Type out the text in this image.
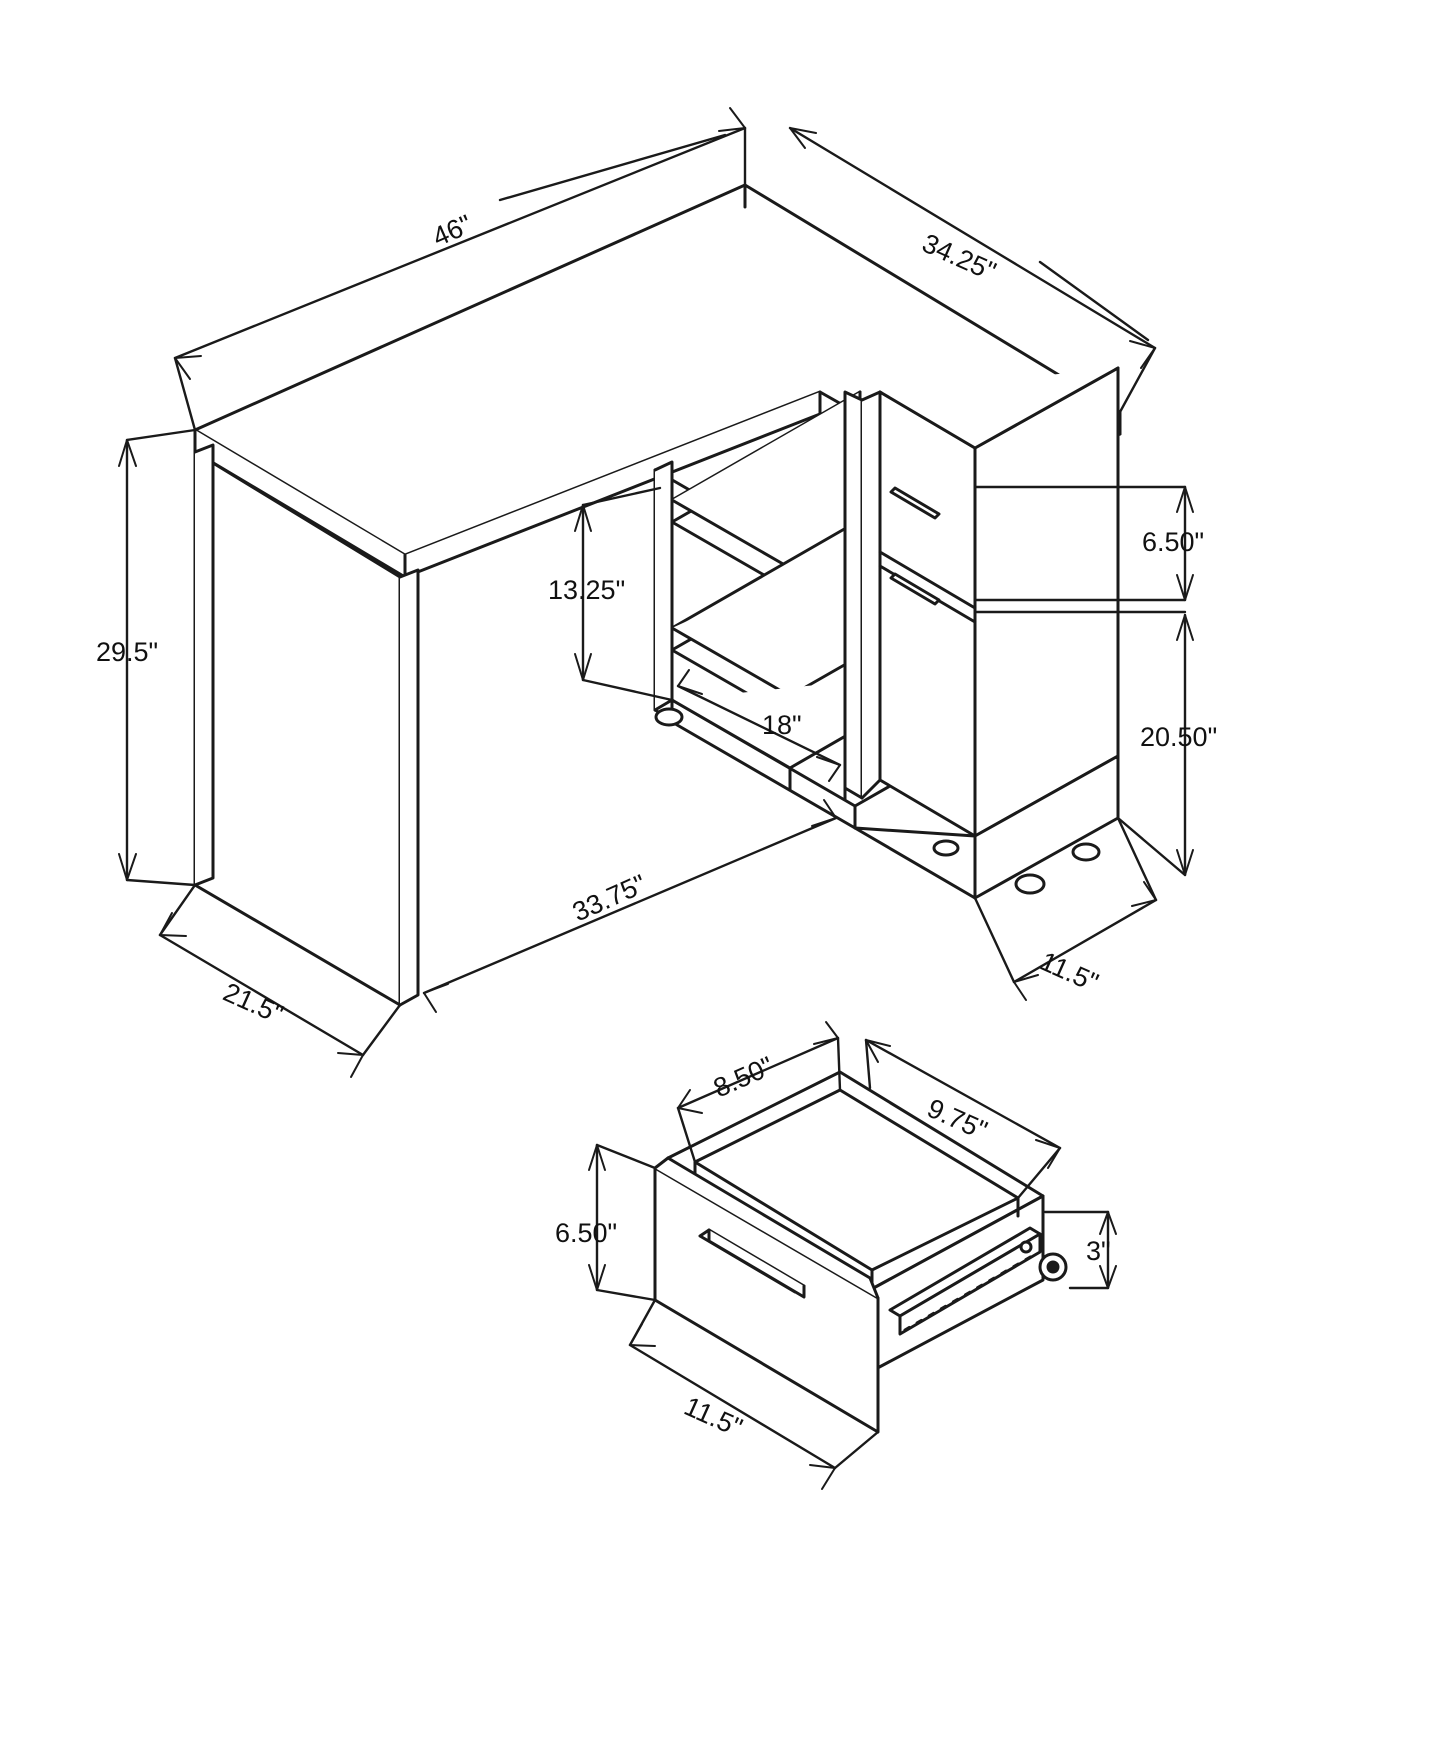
46"	34.25"
29.5"
13.25"
18"
6.50"
20.50"
21.5"
33.75"
11.5"
8.50"
9.75"
6.50"
3"
11.5"
